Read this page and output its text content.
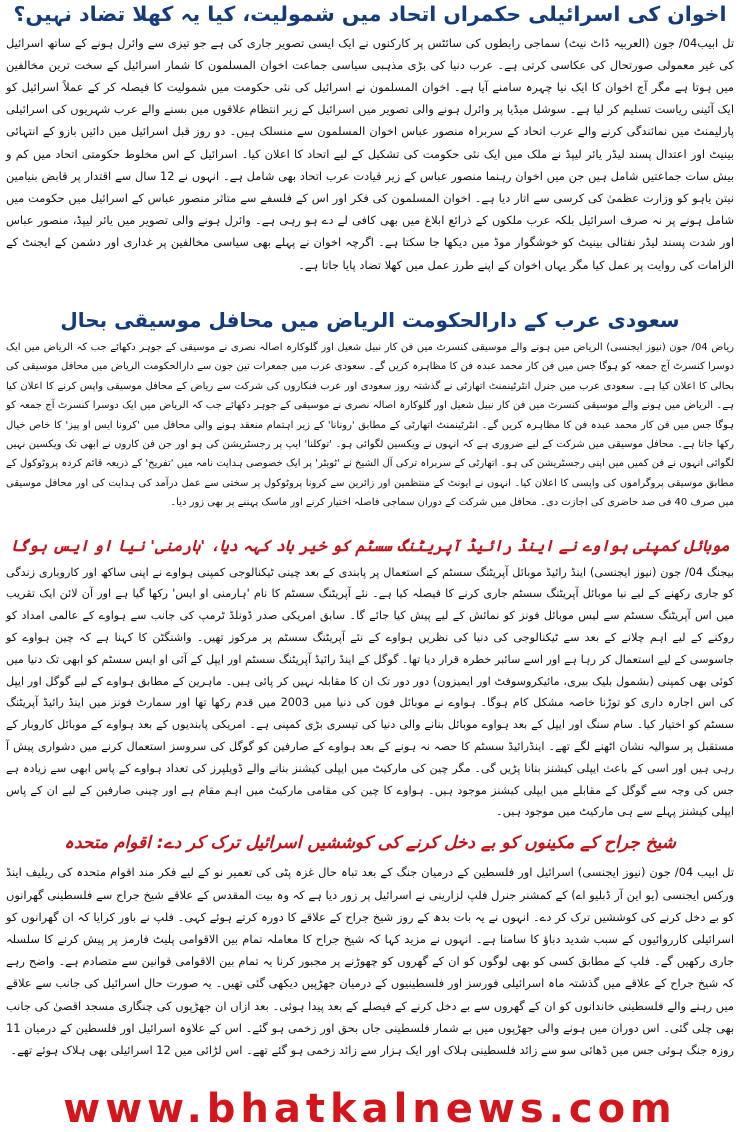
اخوان کی اسرائیلی حکمراں اتحاد میں شمولیت، کیا یہ کھلا تضاد نہیں؟

تل ابیب04/ جون (العربیہ ڈاٹ نیٹ) سماجی رابطوں کی سائٹس پر کارکنوں نے ایک ایسی تصویر جاری کی ہے جو تیزی سے وائرل ہونے کے ساتھ اسرائیل کی غیر معمولی صورتحال کی عکاسی کرتی ہے۔ عرب دنیا کی بڑی مذہبی سیاسی جماعت اخوان المسلمون کا شمار اسرائیل کے سخت ترین مخالفین میں ہوتا ہے مگر آج اخوان کا ایک نیا چہرہ سامنے آیا ہے۔ اخوان المسلمون نے اسرائیل کی نئی حکومت میں شمولیت کا فیصلہ کر کے عملاً اسرائیل کو ایک آئینی ریاست تسلیم کر لیا ہے۔ سوشل میڈیا پر وائرل ہونے والی تصویر میں اسرائیل کے زیر انتظام علاقوں میں بسنے والے عرب شہریوں کی اسرائیلی پارلیمنٹ میں نمائندگی کرنے والے عرب اتحاد کے سربراہ منصور عباس اخوان المسلمون سے منسلک ہیں۔ دو روز قبل اسرائیل میں دائیں بازو کے انتہائی بینیٹ اور اعتدال پسند لیڈر یائر لیپڈ نے ملک میں ایک نئی حکومت کی تشکیل کے لیے اتحاد کا اعلان کیا۔ اسرائیل کے اس مخلوط حکومتی اتحاد میں کم و بیش سات جماعتیں شامل ہیں جن میں اخوان رہنما منصور عباس کے زیر قیادت عرب اتحاد بھی شامل ہے۔ انہوں نے 12 سال سے اقتدار پر قابض بنیامین نیتن یاہو کو وزارت عظمیٰ کی کرسی سے اتار دیا ہے۔ اخوان المسلمون کی فکر اور اس کے فلسفے سے متاثر منصور عباس کے اسرائیل میں حکومت میں شامل ہونے پر نہ صرف اسرائیل بلکہ عرب ملکوں کے ذرائع ابلاغ میں بھی کافی لے دے ہو رہی ہے۔ وائرل ہونے والی تصویر میں یائر لیپڈ، منصور عباس اور شدت پسند لیڈر نفتالی بینیٹ کو خوشگوار موڈ میں دیکھا جا سکتا ہے۔ اگرچہ اخوان نے پہلے بھی سیاسی مخالفین پر غداری اور دشمن کے ایجنٹ کے الزامات کی روایت پر عمل کیا مگر یہاں اخوان کے اپنے طرز عمل میں کھلا تضاد پایا جاتا ہے۔

سعودی عرب کے دارالحکومت الریاض میں محافل موسیقی بحال

ریاض 04/ جون (نیوز ایجنسی) الریاض میں ہونے والے موسیقی کنسرٹ میں فن کار نبیل شعیل اور گلوکارہ اصالہ نصری نے موسیقی کے جوہر دکھائے جب کہ الریاض میں ایک دوسرا کنسرٹ آج جمعہ کو ہوگا جس میں فن کار محمد عبدہ فن کا مظاہرہ کریں گے۔ سعودی عرب میں جمعرات تین جون سے دارالحکومت الریاض میں محافل موسیقی کی بحالی کا اعلان کیا ہے۔ سعودی عرب میں جنرل انٹرٹینمنٹ اتھارٹی نے گذشتہ روز سعودی اور عرب فنکاروں کی شرکت سے ریاض کے محافل موسیقی واپس کرنے کا اعلان کیا ہے۔ الریاض میں ہونے والے موسیقی کنسرٹ میں فن کار نبیل شعیل اور گلوکارہ اصالہ نصری نے موسیقی کے جوہر دکھائے جب کہ الریاض میں ایک دوسرا کنسرٹ آج جمعہ کو ہوگا جس میں فن کار محمد عبدہ فن کا مظاہرہ کریں گے۔ انٹرٹینمنٹ اتھارٹی کے مطابق 'رونانا' کے زیر اہتمام منعقد ہونے والی محافل میں 'کرونا ایس او پیز' کا خاص خیال رکھا جاتا ہے۔ محافل موسیقی میں شرکت کے لیے ضروری ہے کہ انہوں نے ویکسین لگوائی ہو۔ 'توکلنا' ایپ پر رجسٹریشن کی ہو اور جن فن کاروں نے ابھی تک ویکسین نہیں لگوائی انہوں نے فن کمیں میں اپنی رجسٹریشن کی ہو۔ اتھارٹی کے سربراہ ترکی آل الشیخ نے 'ٹویٹر' پر ایک خصوصی ہدایت نامہ میں 'تفریح' کے ذریعہ قائم کردہ پروٹوکول کے مطابق موسیقی پروگراموں کی واپسی کا اعلان کیا۔ انہوں نے ایونٹ کے منتظمین اور زائرین سے کرونا پروٹوکول پر سختی سے عمل درآمد کی ہدایت کی اور محافل موسیقی میں صرف 40 فی صد حاضری کی اجازت دی۔ محافل میں شرکت کے دوران سماجی فاصلہ اختیار کرنے اور ماسک پہننے پر بھی زور دیا۔

موبائل کمپنی ہواوے نے اینڈ رائیڈ آپریٹنگ سسٹم کو خیر باد کہہ دیا، 'ہارمنی' نیا او ایس ہوگا

بیجنگ 04/ جون (نیوز ایجنسی) اینڈ رائیڈ موبائل آپریٹنگ سسٹم کے استعمال پر پابندی کے بعد چینی ٹیکنالوجی کمپنی ہواوے نے اپنی ساکھ اور کاروباری زندگی کو جاری رکھنے کے لیے نیا موبائل آپریٹنگ سسٹم جاری کرنے کا فیصلہ کیا ہے۔ نئے آپریٹنگ سسٹم کا نام 'ہارمنی او ایس' رکھا گیا ہے اور آن لائن ایک تقریب میں اس آپریٹنگ سسٹم سے لیس موبائل فونز کو نمائش کے لیے پیش کیا جائے گا۔ سابق امریکی صدر ڈونلڈ ٹرمپ کی جانب سے ہواوے کے عالمی امداد کو روکنے کے لیے اہم چلانے کے بعد سے ٹیکنالوجی کی دنیا کی نظریں ہواوے کے نئے آپریٹنگ سسٹم پر مرکوز تھیں۔ واشنگٹن کا کہنا ہے کہ چین ہواوے کو جاسوسی کے لیے استعمال کر رہا ہے اور اسے سائبر خطرہ قرار دیا تھا۔ گوگل کے اینڈ رائیڈ آپریٹنگ سسٹم اور ایپل کے آئی او ایس سسٹم کو ابھی تک دنیا میں کوئی بھی کمپنی (بشمول بلیک بیری، مائیکروسوفٹ اور ایمیزون) دور دور تک ان کا مقابلہ نہیں کر پائی ہیں۔ ماہرین کے مطابق ہواوے کے لیے گوگل اور ایپل کی اس اجارہ داری کو توڑنا خاصہ مشکل کام ہوگا۔ ہواوے نے موبائل فون کی دنیا میں 2003 میں قدم رکھا تھا اور سمارٹ فونز میں اینڈ رائیڈ آپریٹنگ سسٹم کو اختیار کیا۔ سام سنگ اور ایپل کے بعد ہواوے موبائل بنانے والی دنیا کی تیسری بڑی کمپنی ہے۔ امریکی پابندیوں کے بعد ہواوے کے موبائل کاروبار کے مستقبل پر سوالیہ نشان اٹھنے لگے تھے۔ اینڈرائیڈ سسٹم کا حصہ نہ ہونے کے بعد ہواوے کے صارفین کو گوگل کی سروسز استعمال کرنے میں دشواری پیش آ رہی ہیں اور اسی کے باعث ایپلی کیشنز بنانا پڑیں گی۔ مگر چین کی مارکیٹ میں ایپلی کیشنز بنانے والے ڈویلپرز کی تعداد ہواوے کے پاس ابھی سے زیادہ ہے جس کی وجہ سے گوگل کے مقابلے میں ایپلی کیشنز موجود ہیں۔ ہواوے کا چین کی مقامی مارکیٹ میں اہم مقام ہے اور چینی صارفین کے لیے ان کے پاس ایپلی کیشنز پہلے سے ہی مارکیٹ میں موجود ہیں۔

شیخ جراح کے مکینوں کو بے دخل کرنے کی کوششیں اسرائیل ترک کر دے: اقوام متحدہ

تل ابیب 04/ جون (نیوز ایجنسی) اسرائیل اور فلسطین کے درمیان جنگ کے بعد تباہ حال غزہ پٹی کی تعمیر نو کے لیے فکر مند اقوام متحدہ کی ریلیف اینڈ ورکس ایجنسی (یو این آر ڈبلیو اے) کے کمشنر جنرل فلپ لزارینی نے اسرائیل پر زور دیا ہے کہ وہ بیت المقدس کے علاقے شیخ جراح سے فلسطینی گھرانوں کو بے دخل کرنے کی کوششیں ترک کر دے۔ انہوں نے یہ بات بدھ کے روز شیخ جراح کے علاقے کا دورہ کرتے ہوئے کہی۔ فلپ نے باور کرایا کہ ان گھرانوں کو اسرائیلی کارروائیوں کے سبب شدید دباؤ کا سامنا ہے۔ انہوں نے مزید کہا کہ شیخ جراح کا معاملہ تمام بین الاقوامی پلیٹ فارمز پر پیش کرنے کا سلسلہ جاری رکھیں گے۔ فلپ کے مطابق کسی کو بھی لوگوں کو ان کے گھروں کو چھوڑنے پر مجبور کرنا یہ تمام بین الاقوامی قوانین سے متصادم ہے۔ واضح رہے کہ شیخ جراح کے علاقے میں گذشتہ ماہ اسرائیلی فورسز اور فلسطینیوں کے درمیان جھڑپیں دیکھی گئی تھیں۔ یہ صورت حال اسرائیل کی جانب سے علاقے میں رہنے والے فلسطینی خاندانوں کو ان کے گھروں سے بے دخل کرنے کے فیصلے کے بعد پیدا ہوئی۔ بعد ازاں ان جھڑپوں کی چنگاری مسجد اقصیٰ کی جانب بھی چلی گئی۔ اس دوران میں ہونے والی جھڑپوں میں بے شمار فلسطینی جاں بحق اور زخمی ہو گئے۔ اس کے علاوہ اسرائیل اور فلسطین کے درمیان 11 روزہ جنگ ہوئی جس میں ڈھائی سو سے زائد فلسطینی ہلاک اور ایک ہزار سے زائد زخمی ہو گئے تھے۔ اس لڑائی میں 12 اسرائیلی بھی ہلاک ہوئے تھے۔

www.bhatkalnews.com
